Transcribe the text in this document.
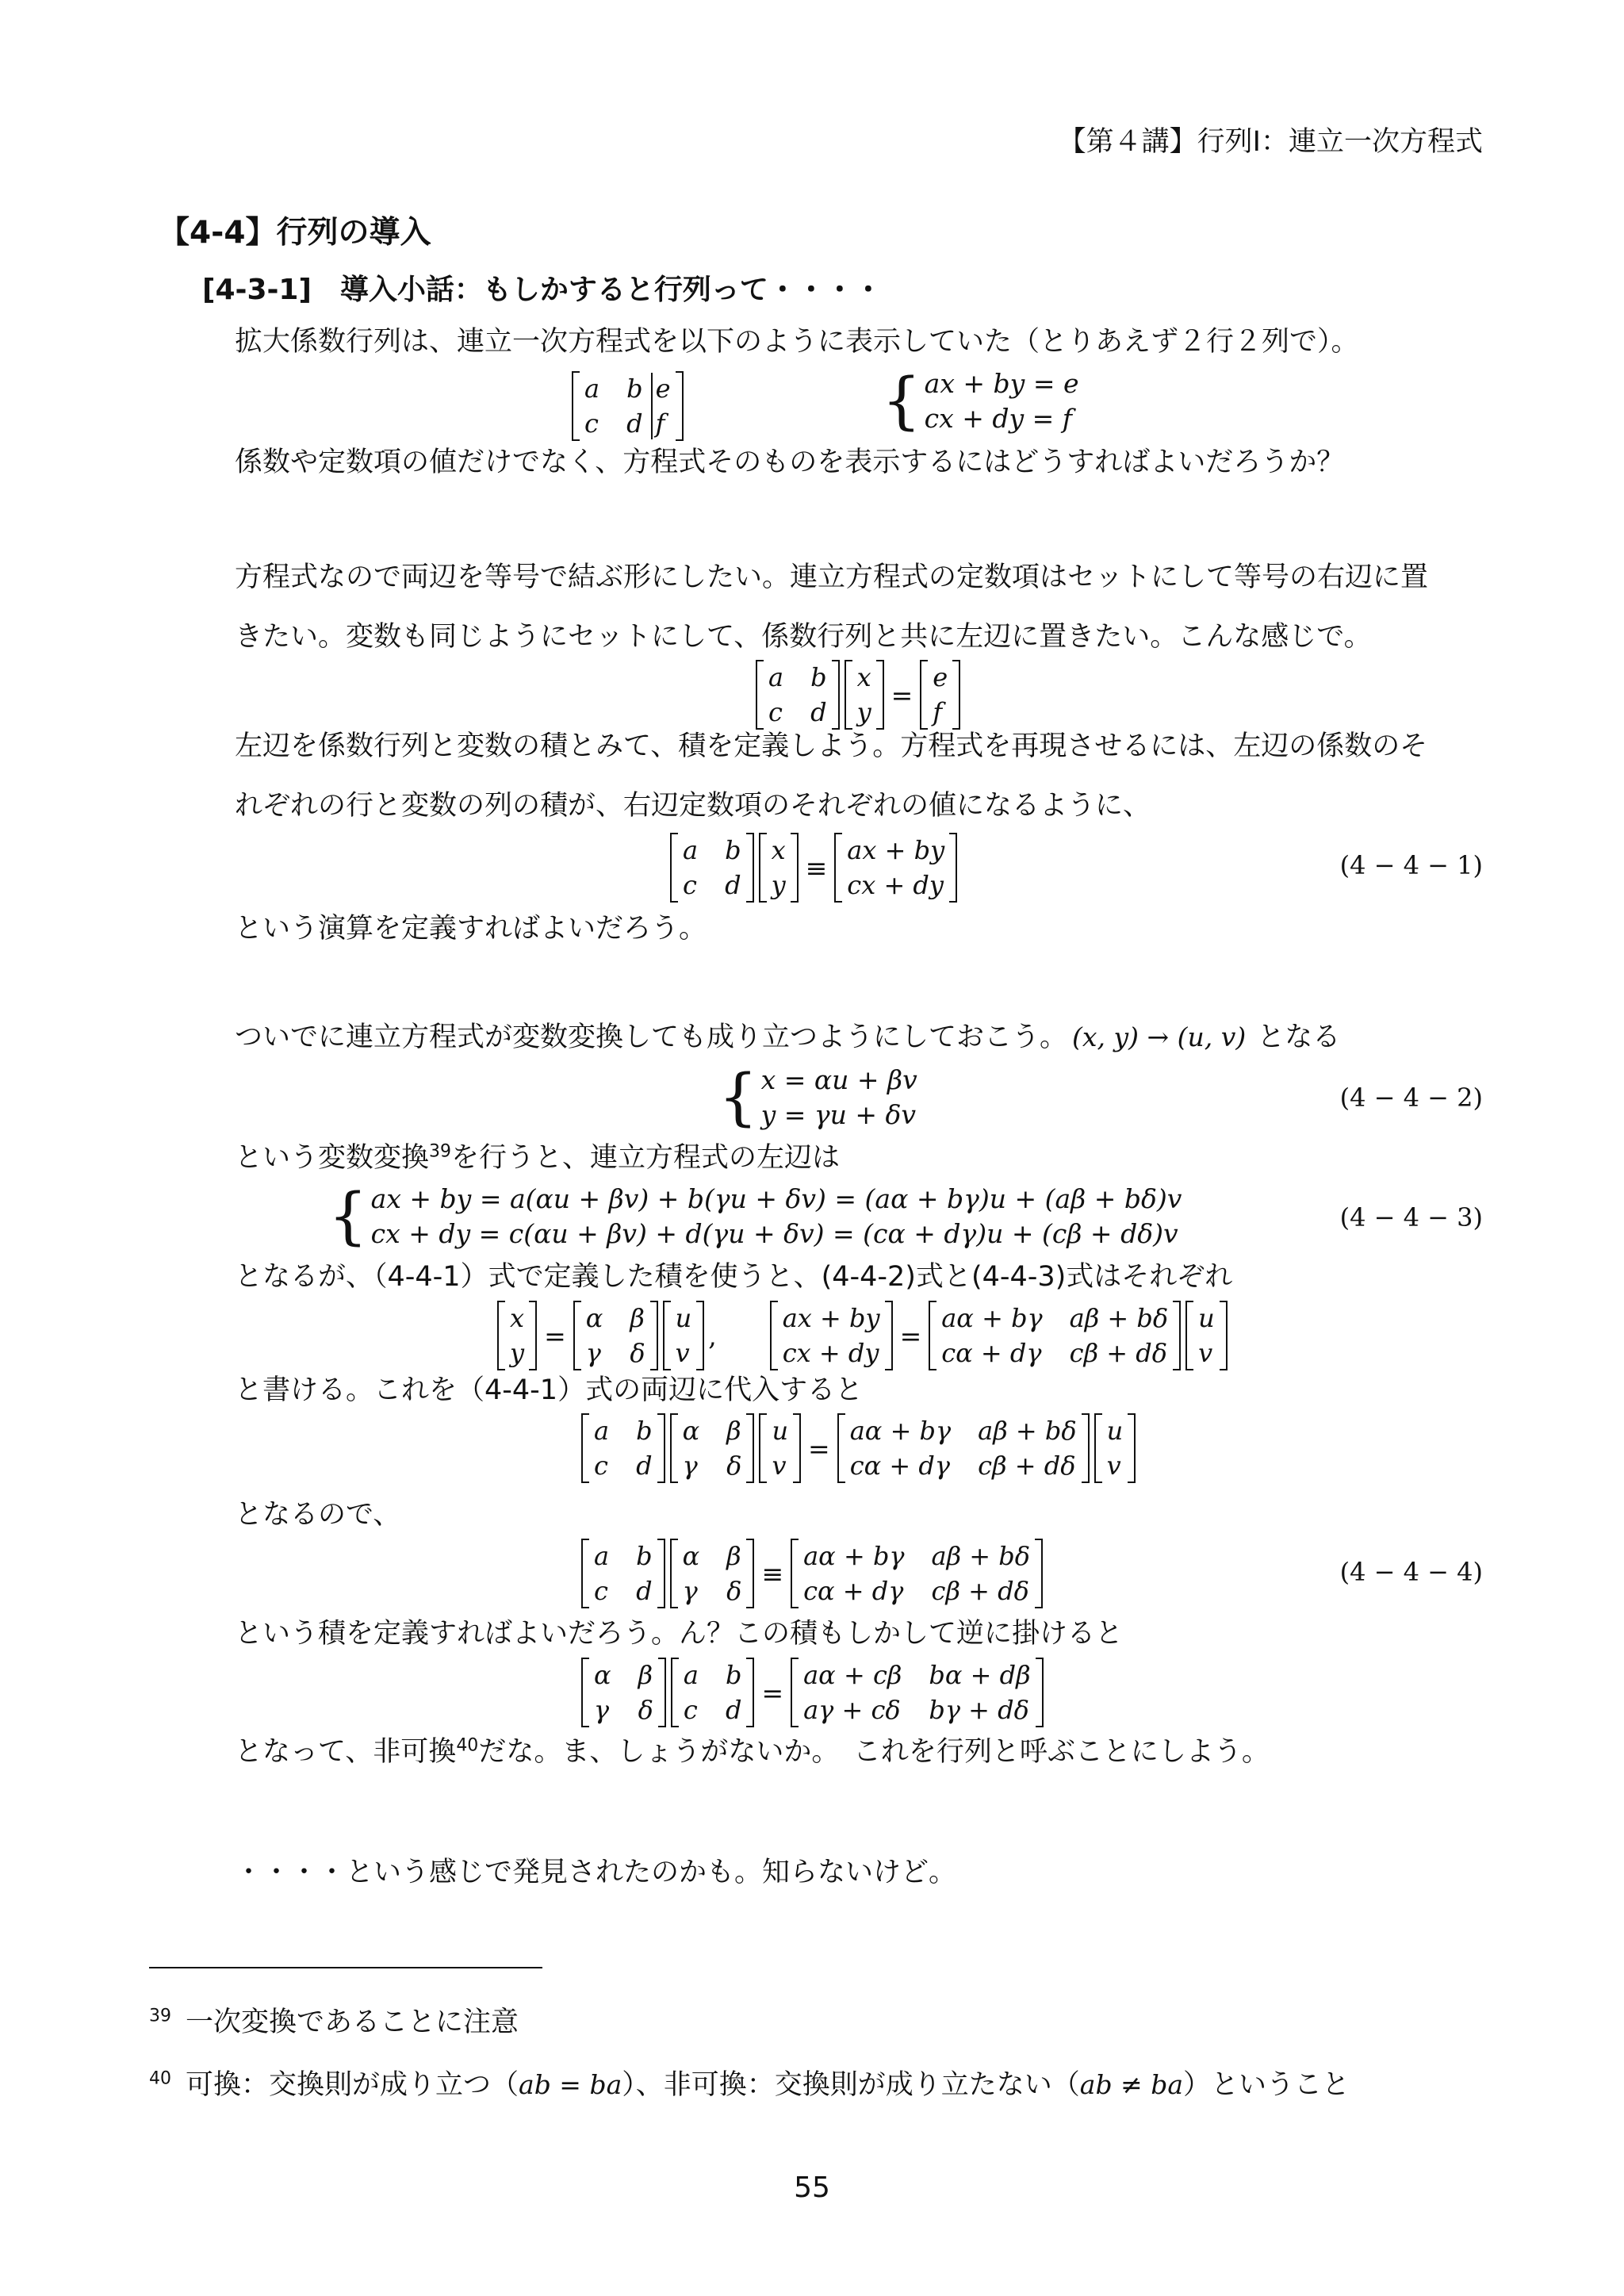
【第４講】行列Ⅰ：連立一次方程式
【4-4】行列の導入
[4-3-1]　導入小話：もしかすると行列って・・・・
拡大係数行列は、連立一次方程式を以下のように表示していた（とりあえず２行２列で）。
a b
c d
e
f	{ ax + by = e
cx + dy = f
係数や定数項の値だけでなく、方程式そのものを表示するにはどうすればよいだろうか？
方程式なので両辺を等号で結ぶ形にしたい。連立方程式の定数項はセットにして等号の右辺に置
きたい。変数も同じようにセットにして、係数行列と共に左辺に置きたい。こんな感じで。
a b
c d
x
y
=
e
f
左辺を係数行列と変数の積とみて、積を定義しよう。方程式を再現させるには、左辺の係数のそ
れぞれの行と変数の列の積が、右辺定数項のそれぞれの値になるように、
a b
c d
x
y
≡
ax + by
cx + dy
(4 − 4 − 1)
という演算を定義すればよいだろう。
ついでに連立方程式が変数変換しても成り立つようにしておこう。 (x, y) → (u, v) となる
{ x = αu + βv
y = γu + δv
(4 − 4 − 2)
という変数変換$^{39}$を行うと、連立方程式の左辺は
{ ax + by = a(αu + βv) + b(γu + δv) = (aα + bγ)u + (aβ + bδ)v
cx + dy = c(αu + βv) + d(γu + δv) = (cα + dγ)u + (cβ + dδ)v
(4 − 4 − 3)
となるが、（4-4-1）式で定義した積を使うと、(4-4-2)式と(4-4-3)式はそれぞれ
x
y
=
α β
γ δ
u
v
,
ax + by
cx + dy
=
aα + bγ aβ + bδ
cα + dγ cβ + dδ
u
v
と書ける。これを（4-4-1）式の両辺に代入すると
a b
c d
α β
γ δ
u
v
=
aα + bγ aβ + bδ
cα + dγ cβ + dδ
u
v
となるので、
a b
c d
α β
γ δ
≡
aα + bγ aβ + bδ
cα + dγ cβ + dδ
(4 − 4 − 4)
という積を定義すればよいだろう。ん？この積もしかして逆に掛けると
α β
γ δ
a b
c d
=
aα + cβ bα + dβ
aγ + cδ bγ + dδ
となって、非可換$^{40}$だな。ま、しょうがないか。　これを行列と呼ぶことにしよう。
・・・・という感じで発見されたのかも。知らないけど。
$^{39}$ 一次変換であることに注意
$^{40}$ 可換：交換則が成り立つ（ab = ba）、非可換：交換則が成り立たない（ab ≠ ba）ということ
55
